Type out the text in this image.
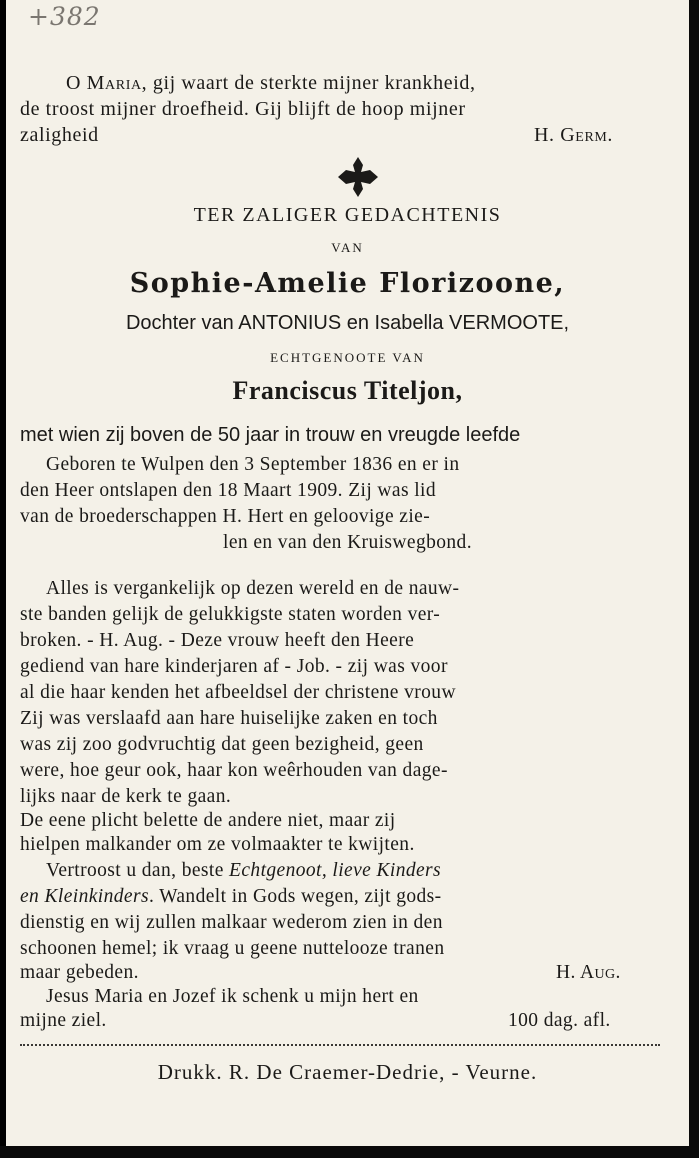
+382
O Maria, gij waart de sterkte mijner krankheid,
de troost mijner droefheid. Gij blijft de hoop mijner
zaligheid	H. Germ.
TER ZALIGER GEDACHTENIS
VAN
Sophie-Amelie Florizoone,
Dochter van ANTONIUS en Isabella VERMOOTE,
ECHTGENOOTE VAN
Franciscus Titeljon,
met wien zij boven de 50 jaar in trouw en vreugde leefde
Geboren te Wulpen den 3 September 1836 en er in
den Heer ontslapen den 18 Maart 1909. Zij was lid
van de broederschappen H. Hert en geloovige zie-
len en van den Kruiswegbond.
Alles is vergankelijk op dezen wereld en de nauw-
ste banden gelijk de gelukkigste staten worden ver-
broken. - H. Aug. - Deze vrouw heeft den Heere
gediend van hare kinderjaren af - Job. - zij was voor
al die haar kenden het afbeeldsel der christene vrouw
Zij was verslaafd aan hare huiselijke zaken en toch
was zij zoo godvruchtig dat geen bezigheid, geen
were, hoe geur ook, haar kon weêrhouden van dage-
lijks naar de kerk te gaan.
De eene plicht belette de andere niet, maar zij
hielpen malkander om ze volmaakter te kwijten.
Vertroost u dan, beste Echtgenoot, lieve Kinders
en Kleinkinders. Wandelt in Gods wegen, zijt gods-
dienstig en wij zullen malkaar wederom zien in den
schoonen hemel; ik vraag u geene nuttelooze tranen
maar gebeden.	H. Aug.
Jesus Maria en Jozef ik schenk u mijn hert en
mijne ziel.	100 dag. afl.
Drukk. R. De Craemer-Dedrie, - Veurne.
